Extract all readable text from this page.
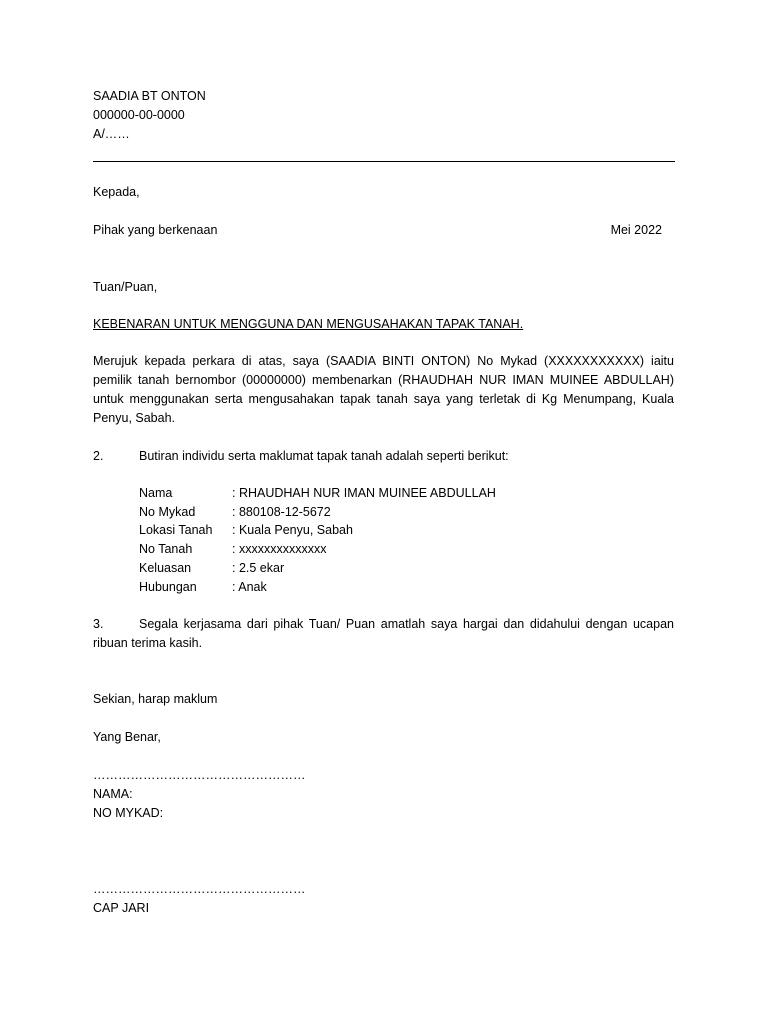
SAADIA BT ONTON
000000-00-0000
A/……
Kepada,
Pihak yang berkenaan	Mei 2022
Tuan/Puan,
KEBENARAN UNTUK MENGGUNA DAN MENGUSAHAKAN TAPAK TANAH.
Merujuk kepada perkara di atas, saya (SAADIA BINTI ONTON) No Mykad (XXXXXXXXXXX) iaitu pemilik tanah bernombor (00000000) membenarkan (RHAUDHAH NUR IMAN MUINEE ABDULLAH) untuk menggunakan serta mengusahakan tapak tanah saya yang terletak di Kg Menumpang, Kuala Penyu, Sabah.
2.	Butiran individu serta maklumat tapak tanah adalah seperti berikut:
Nama	: RHAUDHAH NUR IMAN MUINEE ABDULLAH
No Mykad	: 880108-12-5672
Lokasi Tanah : Kuala Penyu, Sabah
No Tanah	: xxxxxxxxxxxxxx
Keluasan	: 2.5 ekar
Hubungan	: Anak
3.	Segala kerjasama dari pihak Tuan/ Puan amatlah saya hargai dan didahului dengan ucapan ribuan terima kasih.
Sekian, harap maklum
Yang Benar,
……………………………………………
NAMA:
NO MYKAD:
……………………………………………
CAP JARI
